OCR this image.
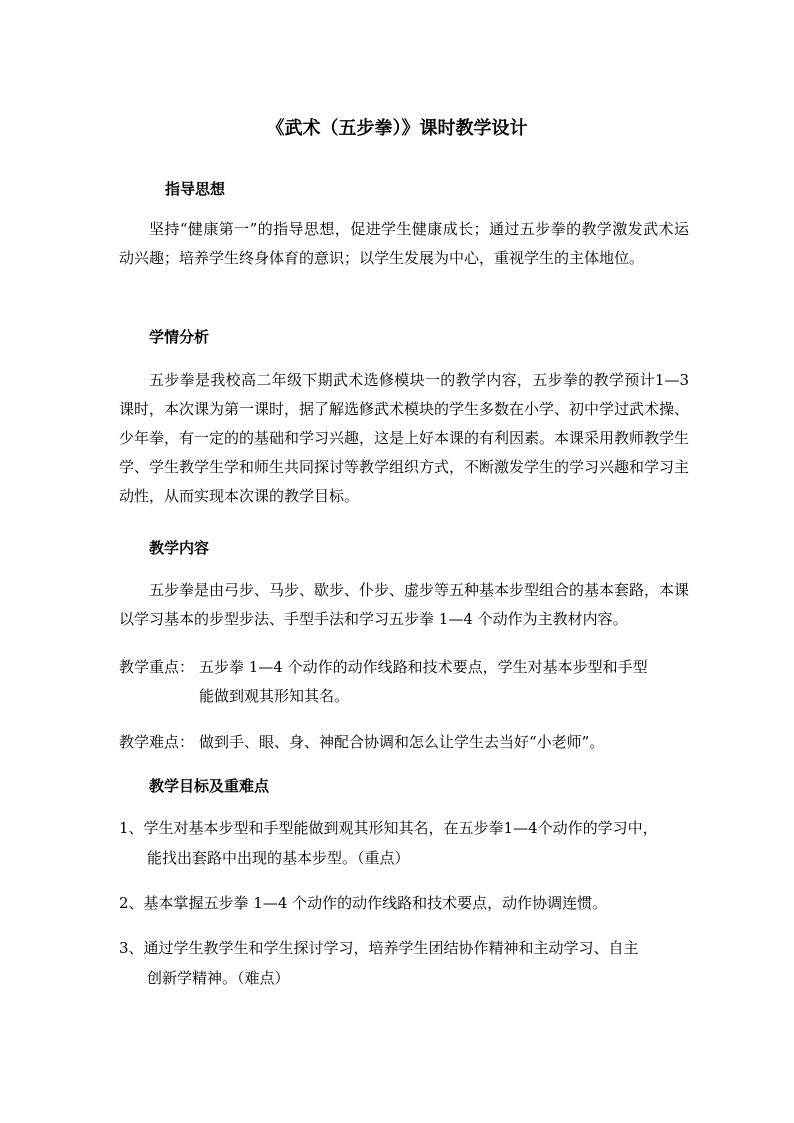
《武术（五步拳）》课时教学设计
指导思想
坚持“健康第一”的指导思想，促进学生健康成长；通过五步拳的教学激发武术运动兴趣；培养学生终身体育的意识；以学生发展为中心，重视学生的主体地位。
学情分析
五步拳是我校高二年级下期武术选修模块一的教学内容，五步拳的教学预计1—3课时，本次课为第一课时，据了解选修武术模块的学生多数在小学、初中学过武术操、少年拳，有一定的的基础和学习兴趣，这是上好本课的有利因素。本课采用教师教学生学、学生教学生学和师生共同探讨等教学组织方式，不断激发学生的学习兴趣和学习主动性，从而实现本次课的教学目标。
教学内容
五步拳是由弓步、马步、歇步、仆步、虚步等五种基本步型组合的基本套路，本课以学习基本的步型步法、手型手法和学习五步拳 1—4 个动作为主教材内容。
教学重点： 五步拳 1—4 个动作的动作线路和技术要点，学生对基本步型和手型
能做到观其形知其名。
教学难点： 做到手、眼、身、神配合协调和怎么让学生去当好“小老师”。
教学目标及重难点
1、学生对基本步型和手型能做到观其形知其名，在五步拳1—4个动作的学习中，
能找出套路中出现的基本步型。（重点）
2、基本掌握五步拳 1—4 个动作的动作线路和技术要点，动作协调连惯。
3、通过学生教学生和学生探讨学习，培养学生团结协作精神和主动学习、自主
创新学精神。（难点）
